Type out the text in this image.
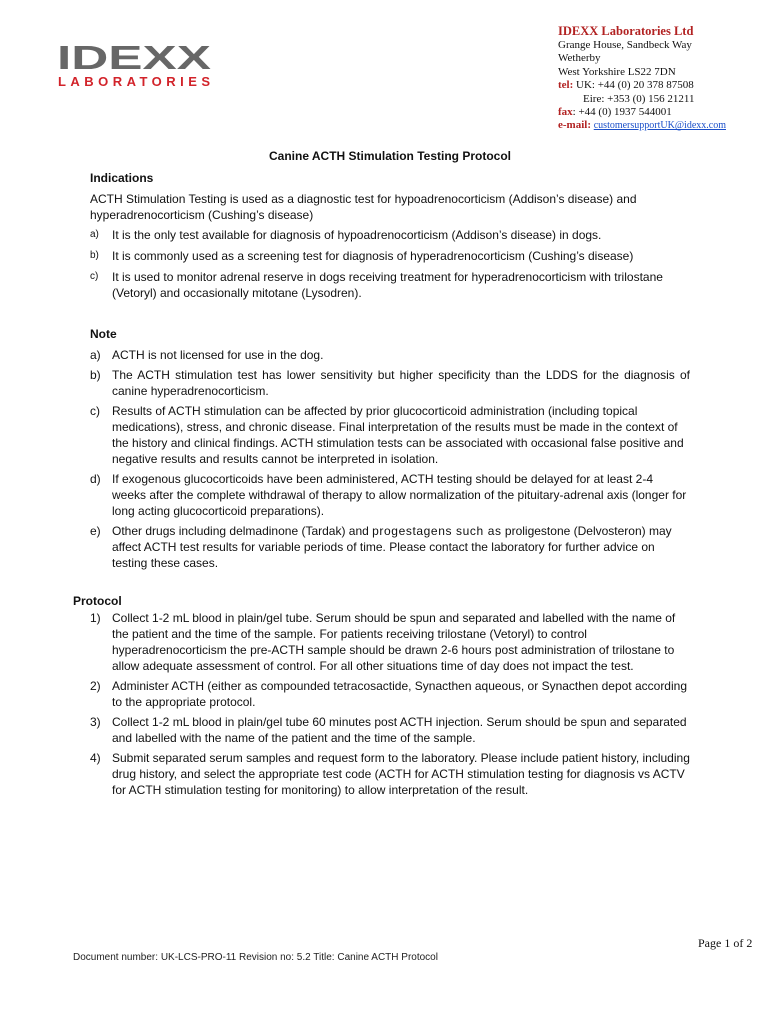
IDEXX
LABORATORIES
IDEXX Laboratories Ltd
Grange House, Sandbeck Way
Wetherby
West Yorkshire LS22 7DN
tel: UK: +44 (0) 20 378 87508
Eire: +353 (0) 156 21211
fax: +44 (0) 1937 544001
e-mail: customersupportUK@idexx.com
Canine ACTH Stimulation Testing Protocol
Indications

ACTH Stimulation Testing is used as a diagnostic test for hypoadrenocorticism (Addison’s disease) and hyperadrenocorticism (Cushing’s disease)

a) It is the only test available for diagnosis of hypoadrenocorticism (Addison’s disease) in dogs.
b) It is commonly used as a screening test for diagnosis of hyperadrenocorticism (Cushing’s disease)
c) It is used to monitor adrenal reserve in dogs receiving treatment for hyperadrenocorticism with trilostane (Vetoryl) and occasionally mitotane (Lysodren).
Note
a) ACTH is not licensed for use in the dog.
b) The ACTH stimulation test has lower sensitivity but higher specificity than the LDDS for the diagnosis of canine hyperadrenocorticism.
c) Results of ACTH stimulation can be affected by prior glucocorticoid administration (including topical medications), stress, and chronic disease. Final interpretation of the results must be made in the context of the history and clinical findings. ACTH stimulation tests can be associated with occasional false positive and negative results and results cannot be interpreted in isolation.
d) If exogenous glucocorticoids have been administered, ACTH testing should be delayed for at least 2-4 weeks after the complete withdrawal of therapy to allow normalization of the pituitary-adrenal axis (longer for long acting glucocorticoid preparations).
e) Other drugs including delmadinone (Tardak) and progestagens such as proligestone (Delvosteron) may affect ACTH test results for variable periods of time. Please contact the laboratory for further advice on testing these cases.
Protocol
1) Collect 1-2 mL blood in plain/gel tube. Serum should be spun and separated and labelled with the name of the patient and the time of the sample. For patients receiving trilostane (Vetoryl) to control hyperadrenocorticism the pre-ACTH sample should be drawn 2-6 hours post administration of trilostane to allow adequate assessment of control. For all other situations time of day does not impact the test.
2) Administer ACTH (either as compounded tetracosactide, Synacthen aqueous, or Synacthen depot according to the appropriate protocol.
3) Collect 1-2 mL blood in plain/gel tube 60 minutes post ACTH injection. Serum should be spun and separated and labelled with the name of the patient and the time of the sample.
4) Submit separated serum samples and request form to the laboratory. Please include patient history, including drug history, and select the appropriate test code (ACTH for ACTH stimulation testing for diagnosis vs ACTV for ACTH stimulation testing for monitoring) to allow interpretation of the result.
Page 1 of 2
Document number: UK-LCS-PRO-11 Revision no: 5.2 Title: Canine ACTH Protocol
